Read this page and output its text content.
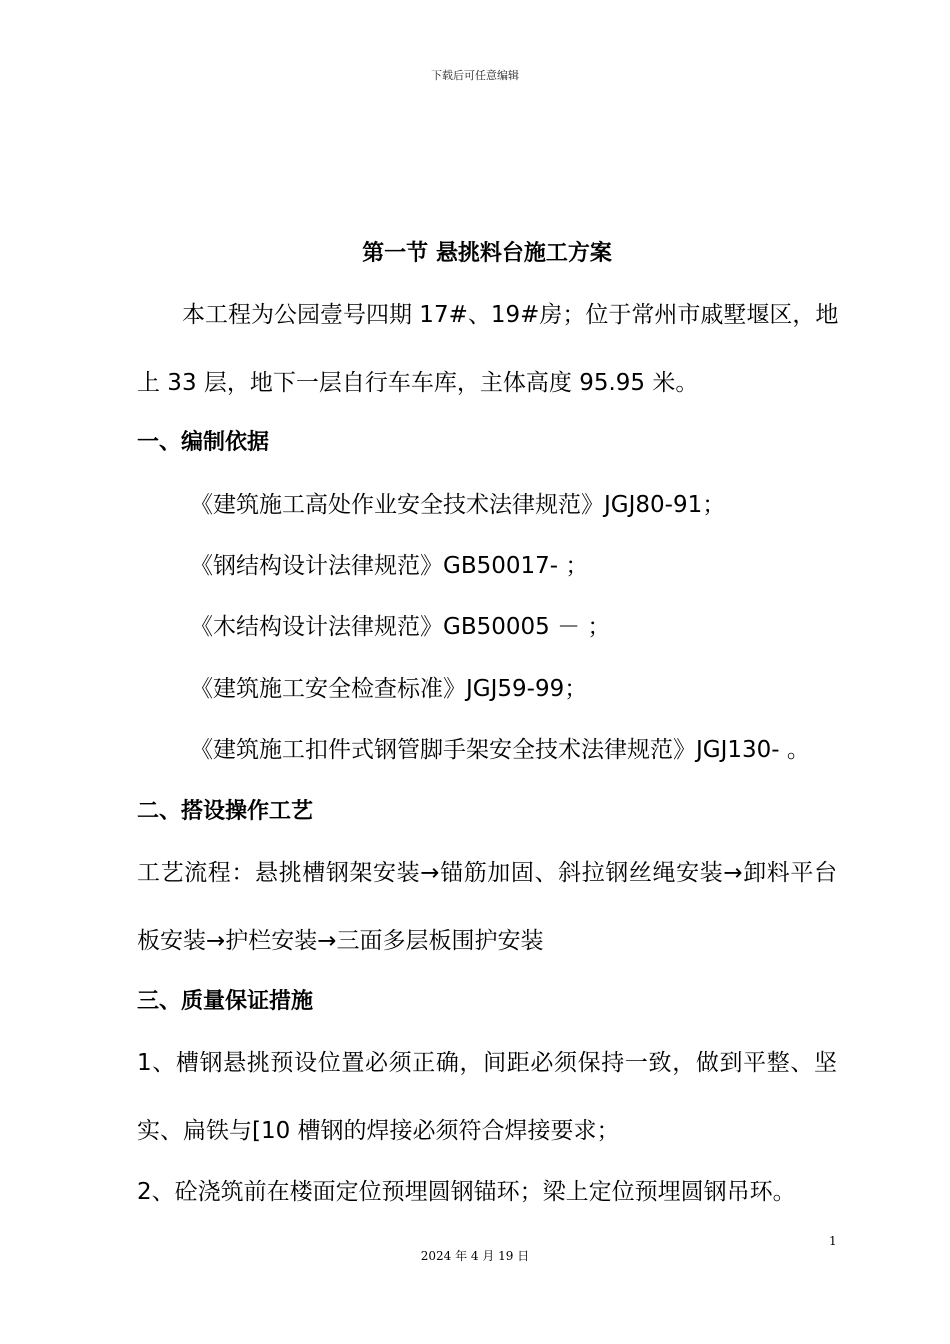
下载后可任意编辑
第一节 悬挑料台施工方案
本工程为公园壹号四期 17#、19#房；位于常州市戚墅堰区，地
上 33 层，地下一层自行车车库，主体高度 95.95 米。
一、编制依据
《建筑施工高处作业安全技术法律规范》JGJ80-91；
《钢结构设计法律规范》GB50017- ；
《木结构设计法律规范》GB50005 － ；
《建筑施工安全检查标准》JGJ59-99；
《建筑施工扣件式钢管脚手架安全技术法律规范》JGJ130- 。
二、搭设操作工艺
工艺流程：悬挑槽钢架安装→锚筋加固、斜拉钢丝绳安装→卸料平台
板安装→护栏安装→三面多层板围护安装
三、质量保证措施
1、槽钢悬挑预设位置必须正确，间距必须保持一致，做到平整、坚
实、扁铁与[10 槽钢的焊接必须符合焊接要求；
2、砼浇筑前在楼面定位预埋圆钢锚环；梁上定位预埋圆钢吊环。
1
2024 年 4 月 19 日
